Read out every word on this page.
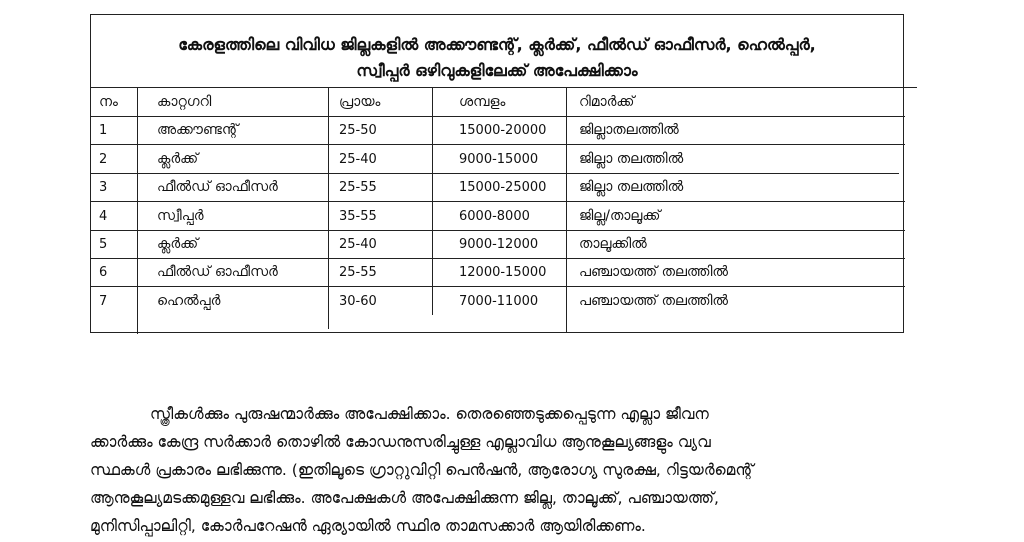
കേരളത്തിലെ വിവിധ ജില്ലകളിൽ അക്കൗണ്ടന്റ്, ക്ലർക്ക്, ഫീൽഡ് ഓഫീസർ, ഹെൽപ്പർ,
സ്വീപ്പർ ഒഴിവുകളിലേക്ക് അപേക്ഷിക്കാം
നം	കാറ്റഗറി	പ്രായം	ശമ്പളം	റിമാർക്ക്
1	അക്കൗണ്ടന്റ്	25-50	15000-20000 ജില്ലാതലത്തിൽ
2	ക്ലർക്ക്	25-40	9000-15000	ജില്ലാ തലത്തിൽ
3	ഫീൽഡ് ഓഫീസർ	25-55	15000-25000 ജില്ലാ തലത്തിൽ
4	സ്വീപ്പർ	35-55	6000-8000	ജില്ല/താലൂക്ക്
5	ക്ലർക്ക്	25-40	9000-12000	താലൂക്കിൽ
6	ഫീൽഡ് ഓഫീസർ	25-55	12000-15000 പഞ്ചായത്ത് തലത്തിൽ
7	ഹെൽപ്പർ	30-60	7000-11000	പഞ്ചായത്ത് തലത്തിൽ
സ്ത്രീകൾക്കും പുരുഷന്മാർക്കും അപേക്ഷിക്കാം. തെരഞ്ഞെടുക്കപ്പെടുന്ന എല്ലാ ജീവന
ക്കാർക്കും കേന്ദ്ര സർക്കാർ തൊഴിൽ കോഡനുസരിച്ചുള്ള എല്ലാവിധ ആനുകൂല്യങ്ങളും വ്യവ
സ്ഥകൾ പ്രകാരം ലഭിക്കുന്നു. (ഇതിലൂടെ ഗ്രാറ്റുവിറ്റി പെൻഷൻ, ആരോഗ്യ സുരക്ഷ, റിട്ടയർമെന്റ്
ആനുകൂല്യമടക്കമുള്ളവ ലഭിക്കും. അപേക്ഷകൾ അപേക്ഷിക്കുന്ന ജില്ല, താലൂക്ക്, പഞ്ചായത്ത്,
മുനിസിപ്പാലിറ്റി, കോർപറേഷൻ ഏര്യായിൽ സ്ഥിര താമസക്കാർ ആയിരിക്കണം.
